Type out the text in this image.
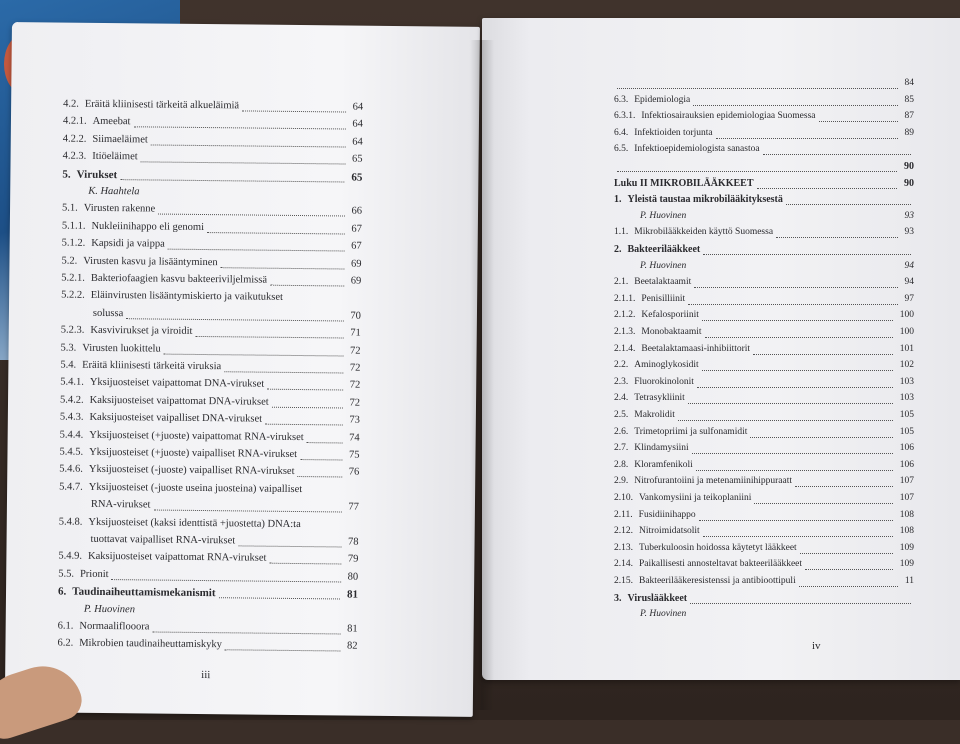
4.2. Eräitä kliinisesti tärkeitä alkueläimiä	64
4.2.1. Ameebat	64
4.2.2. Siimaeläimet	64
4.2.3. Itiöeläimet	65
5. Virukset	65
K. Haahtela
5.1. Virusten rakenne	66
5.1.1. Nukleiinihappo eli genomi	67
5.1.2. Kapsidi ja vaippa	67
5.2. Virusten kasvu ja lisääntyminen	69
5.2.1. Bakteriofaagien kasvu bakteeriviljelmissä	69
5.2.2. Eläinvirusten lisääntymiskierto ja vaikutukset
solussa	70
5.2.3. Kasvivirukset ja viroidit	71
5.3. Virusten luokittelu	72
5.4. Eräitä kliinisesti tärkeitä viruksia	72
5.4.1. Yksijuosteiset vaipattomat DNA-virukset	72
5.4.2. Kaksijuosteiset vaipattomat DNA-virukset	72
5.4.3. Kaksijuosteiset vaipalliset DNA-virukset	73
5.4.4. Yksijuosteiset (+juoste) vaipattomat RNA-virukset	74
5.4.5. Yksijuosteiset (+juoste) vaipalliset RNA-virukset	75
5.4.6. Yksijuosteiset (-juoste) vaipalliset RNA-virukset	76
5.4.7. Yksijuosteiset (-juoste useina juosteina) vaipalliset
RNA-virukset	77
5.4.8. Yksijuosteiset (kaksi identtistä +juostetta) DNA:ta
tuottavat vaipalliset RNA-virukset	78
5.4.9. Kaksijuosteiset vaipattomat RNA-virukset	79
5.5. Prionit	80
6. Taudinaiheuttamismekanismit	81
P. Huovinen
6.1. Normaaliflooora	81
6.2. Mikrobien taudinaiheuttamiskyky	82
iii
84
6.3. Epidemiologia	85
6.3.1. Infektiosairauksien epidemiologiaa Suomessa	87
6.4. Infektioiden torjunta	89
6.5. Infektioepidemiologista sanastoa
90
Luku II MIKROBILÄÄKKEET	90
1. Yleistä taustaa mikrobilääkityksestä
P. Huovinen	93
1.1. Mikrobilääkkeiden käyttö Suomessa	93
2. Bakteerilääkkeet
P. Huovinen	94
2.1. Beetalaktaamit	94
2.1.1. Penisilliinit	97
2.1.2. Kefalosporiinit	100
2.1.3. Monobaktaamit	100
2.1.4. Beetalaktamaasi-inhibiittorit	101
2.2. Aminoglykosidit	102
2.3. Fluorokinolonit	103
2.4. Tetrasykliinit	103
2.5. Makrolidit	105
2.6. Trimetopriimi ja sulfonamidit	105
2.7. Klindamysiini	106
2.8. Kloramfenikoli	106
2.9. Nitrofurantoiini ja metenamiinihippuraatt	107
2.10. Vankomysiini ja teikoplaniini	107
2.11. Fusidiinihappo	108
2.12. Nitroimidatsolit	108
2.13. Tuberkuloosin hoidossa käytetyt lääkkeet	109
2.14. Paikallisesti annosteltavat bakteerilääkkeet	109
2.15. Bakteerilääkeresistenssi ja antibioottipuli	11
3. Viruslääkkeet
P. Huovinen
iv
